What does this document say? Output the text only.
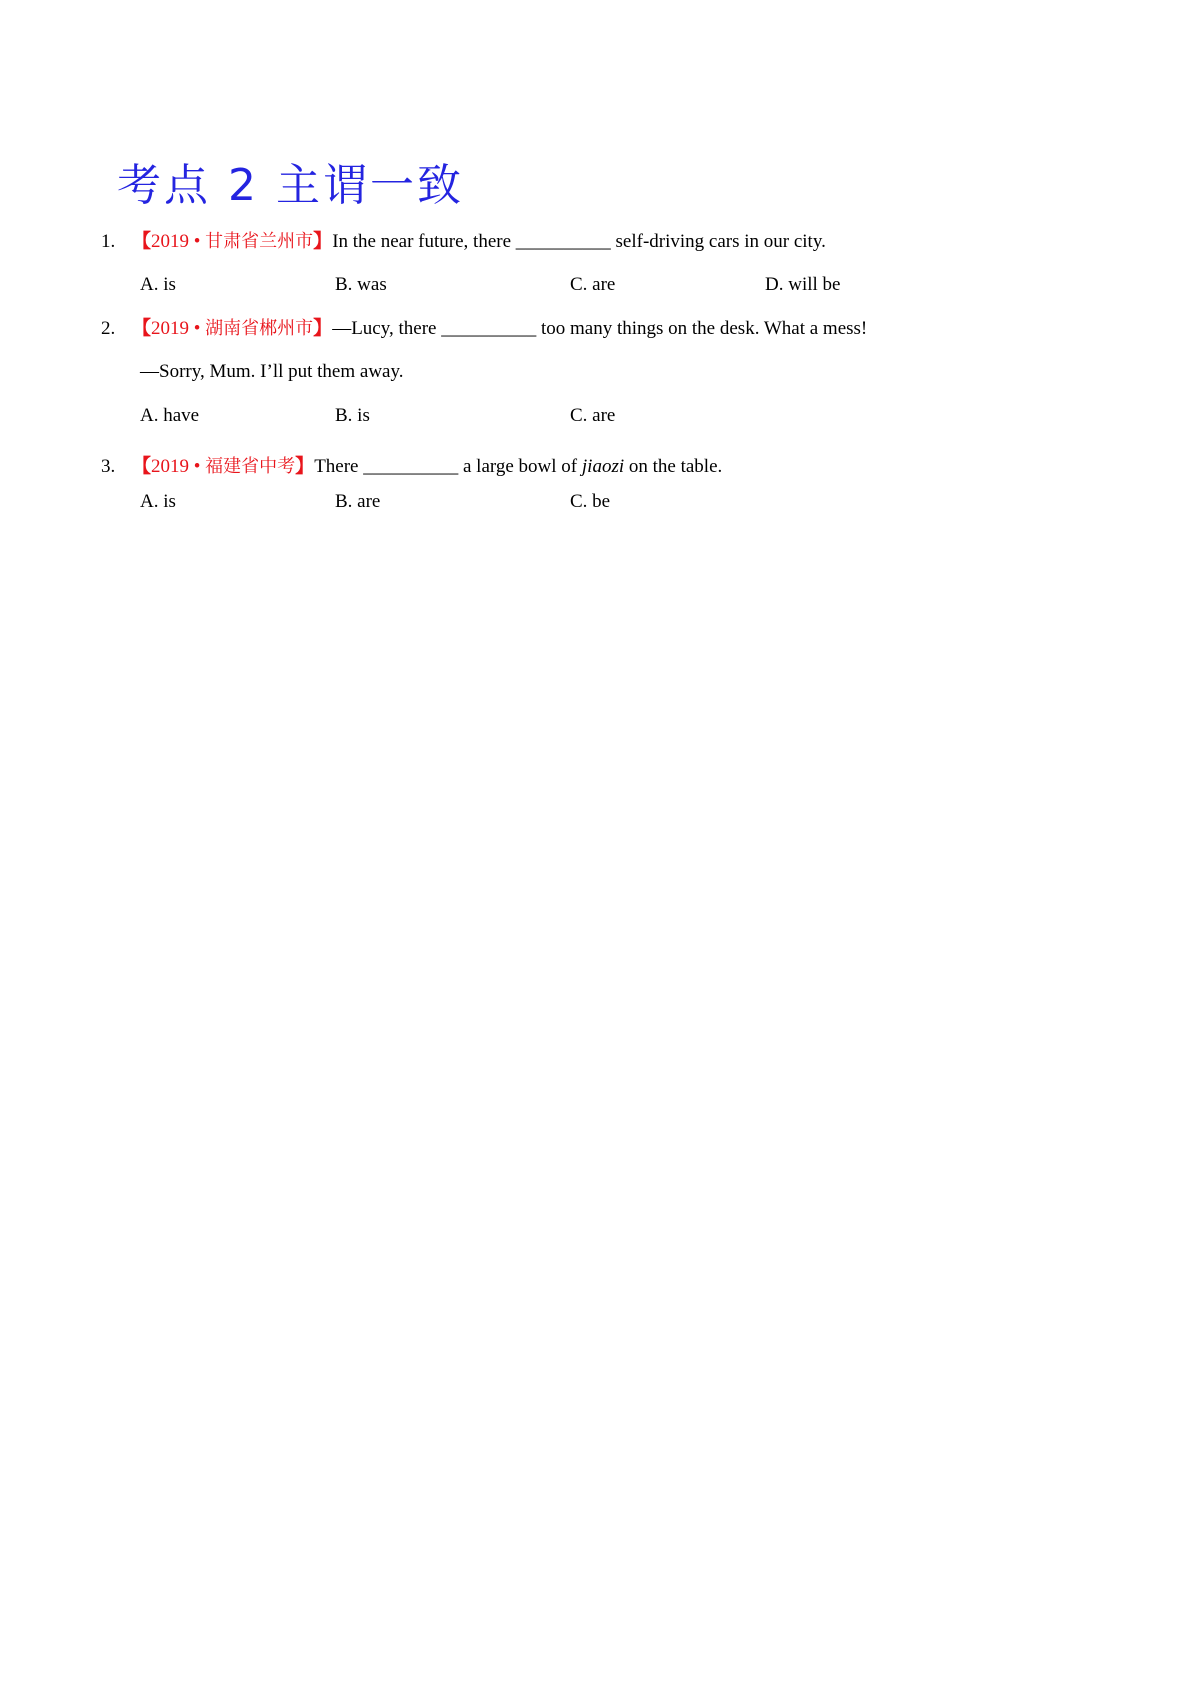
考点 2 主谓一致
1. 【2019 • 甘肃省兰州市】In the near future, there __________ self-driving cars in our city.
A. is	B. was	C. are	D. will be
2. 【2019 • 湖南省郴州市】—Lucy, there __________ too many things on the desk. What a mess!
—Sorry, Mum. I’ll put them away.
A. have	B. is	C. are
3. 【2019 • 福建省中考】There __________ a large bowl of jiaozi on the table.
A. is	B. are	C. be
